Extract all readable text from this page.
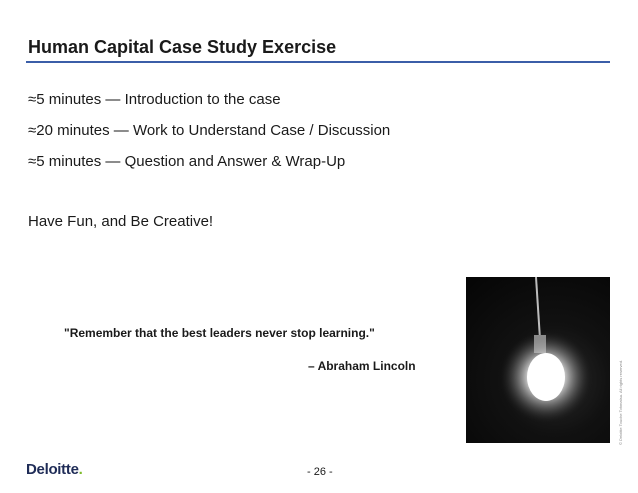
Human Capital Case Study Exercise
≈5 minutes — Introduction to the case
≈20 minutes — Work to Understand Case / Discussion
≈5 minutes — Question and Answer & Wrap-Up
Have Fun, and Be Creative!
"Remember that the best leaders never stop learning."
– Abraham Lincoln	© Deloitte Touche Tohmatsu. All rights reserved.
Deloitte.	- 26 -
